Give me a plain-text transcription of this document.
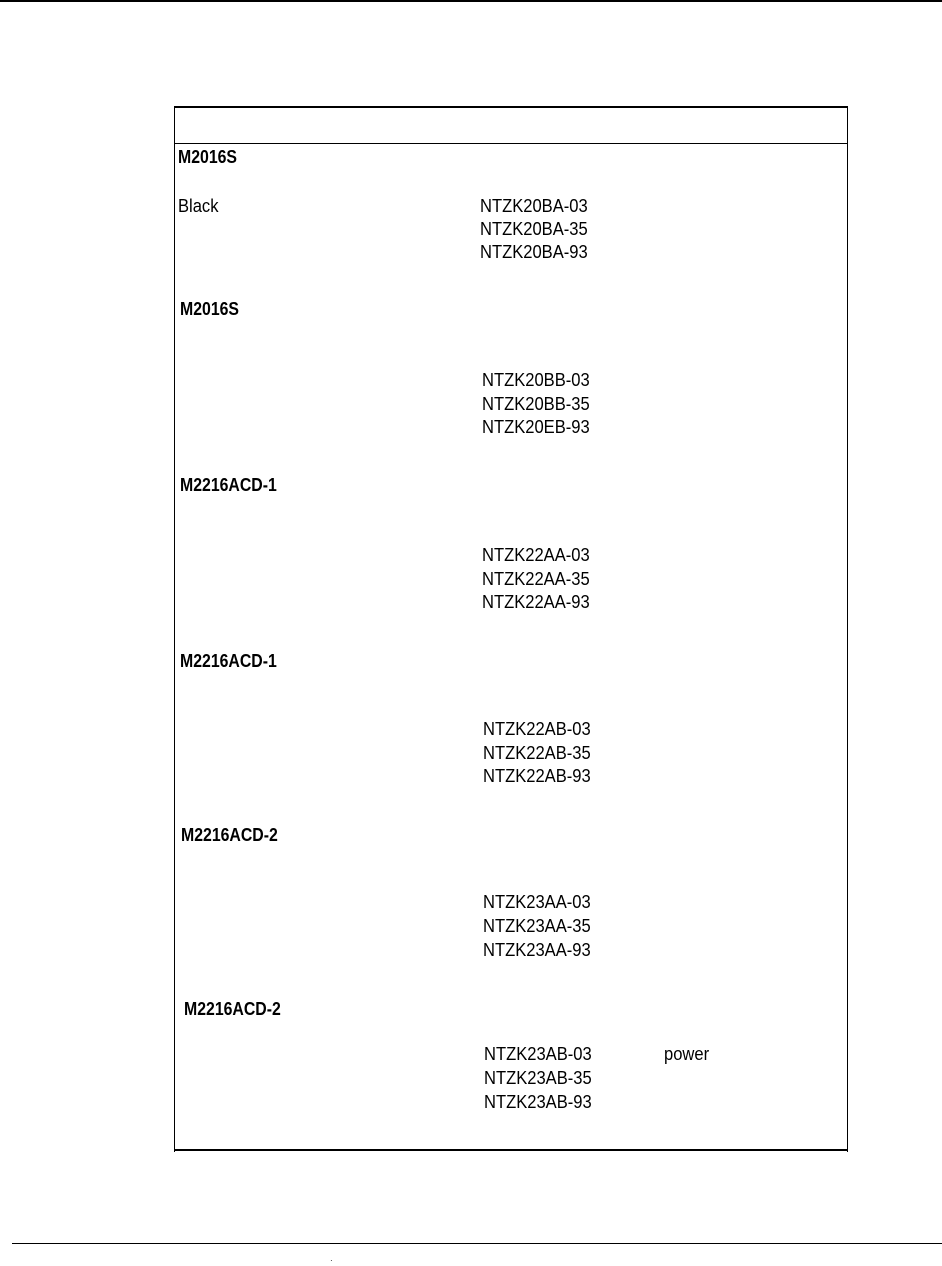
M2016S
Black	NTZK20BA-03
NTZK20BA-35
NTZK20BA-93
M2016S
NTZK20BB-03
NTZK20BB-35
NTZK20EB-93
M2216ACD-1
NTZK22AA-03
NTZK22AA-35
NTZK22AA-93
M2216ACD-1
NTZK22AB-03
NTZK22AB-35
NTZK22AB-93
M2216ACD-2
NTZK23AA-03
NTZK23AA-35
NTZK23AA-93
M2216ACD-2
NTZK23AB-03
NTZK23AB-35
NTZK23AB-93
power
·
